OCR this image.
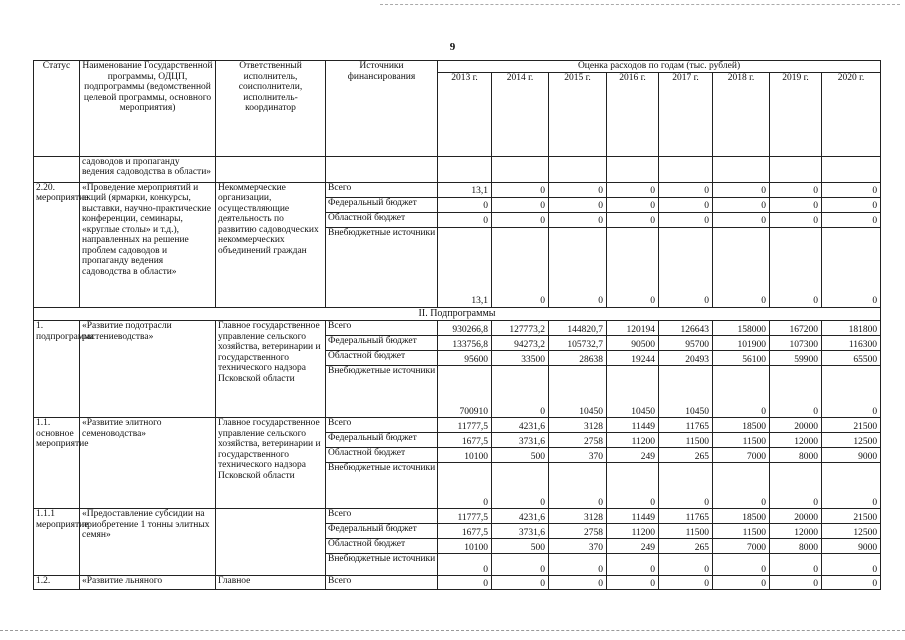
9
Статус	Наименование Государственной программы, ОДЦП, подпрограммы (ведомственной целевой программы, основного мероприятия)	Ответственный исполнитель, соисполнители, исполнитель-координатор	Источники финансирования	Оценка расходов по годам (тыс. рублей)							
				2013 г.	2014 г.	2015 г.	2016 г.	2017 г.	2018 г.	2019 г.	2020 г.
	садоводов и пропаганду ведения садоводства в области»										
2.20. мероприятие	«Проведение мероприятий и акций (ярмарки, конкурсы, выставки, научно-практические конференции, семинары, «круглые столы» и т.д.), направленных на решение проблем садоводов и пропаганду ведения садоводства в области»	Некоммерческие организации, осуществляющие деятельность по развитию садоводческих некоммерческих объединений граждан	Всего	13,1	0	0	0	0	0	0	0
			Федеральный бюджет	0	0	0	0	0	0	0	0
			Областной бюджет	0	0	0	0	0	0	0	0
			Внебюджетные источники	13,1	0	0	0	0	0	0	0
II. Подпрограммы											
1. подпрограмма	«Развитие подотрасли растениеводства»	Главное государственное управление сельского хозяйства, ветеринарии и государственного технического надзора Псковской области	Всего	930266,8	127773,2	144820,7	120194	126643	158000	167200	181800
			Федеральный бюджет	133756,8	94273,2	105732,7	90500	95700	101900	107300	116300
			Областной бюджет	95600	33500	28638	19244	20493	56100	59900	65500
			Внебюджетные источники	700910	0	10450	10450	10450	0	0	0
1.1. основное мероприятие	«Развитие элитного семеноводства»	Главное государственное управление сельского хозяйства, ветеринарии и государственного технического надзора Псковской области	Всего	11777,5	4231,6	3128	11449	11765	18500	20000	21500
			Федеральный бюджет	1677,5	3731,6	2758	11200	11500	11500	12000	12500
			Областной бюджет	10100	500	370	249	265	7000	8000	9000
			Внебюджетные источники	0	0	0	0	0	0	0	0
1.1.1 мероприятие	«Предоставление субсидии на приобретение 1 тонны элитных семян»		Всего	11777,5	4231,6	3128	11449	11765	18500	20000	21500
			Федеральный бюджет	1677,5	3731,6	2758	11200	11500	11500	12000	12500
			Областной бюджет	10100	500	370	249	265	7000	8000	9000
			Внебюджетные источники	0	0	0	0	0	0	0	0
1.2.	«Развитие льняного	Главное	Всего	0	0	0	0	0	0	0	0
